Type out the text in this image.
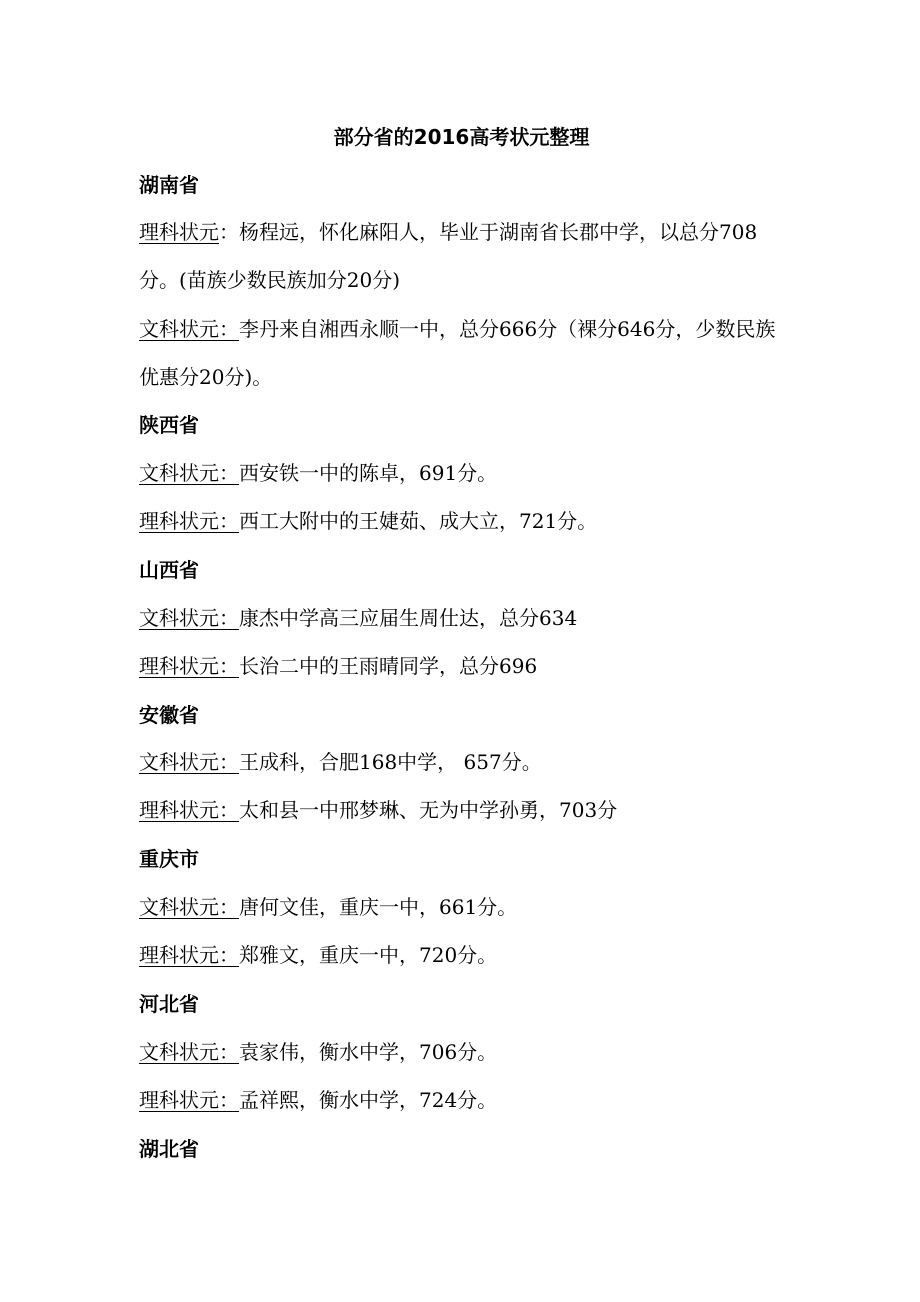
部分省的2016高考状元整理
湖南省
理科状元：杨程远，怀化麻阳人，毕业于湖南省长郡中学，以总分708分。(苗族少数民族加分20分)
文科状元：李丹来自湘西永顺一中，总分666分（裸分646分，少数民族优惠分20分)。
陕西省
文科状元：西安铁一中的陈卓，691分。
理科状元：西工大附中的王婕茹、成大立，721分。
山西省
文科状元：康杰中学高三应届生周仕达，总分634
理科状元：长治二中的王雨晴同学，总分696
安徽省
文科状元：王成科，合肥168中学， 657分。
理科状元：太和县一中邢梦琳、无为中学孙勇，703分
重庆市
文科状元：唐何文佳，重庆一中，661分。
理科状元：郑雅文，重庆一中，720分。
河北省
文科状元：袁家伟，衡水中学，706分。
理科状元：孟祥熙，衡水中学，724分。
湖北省
